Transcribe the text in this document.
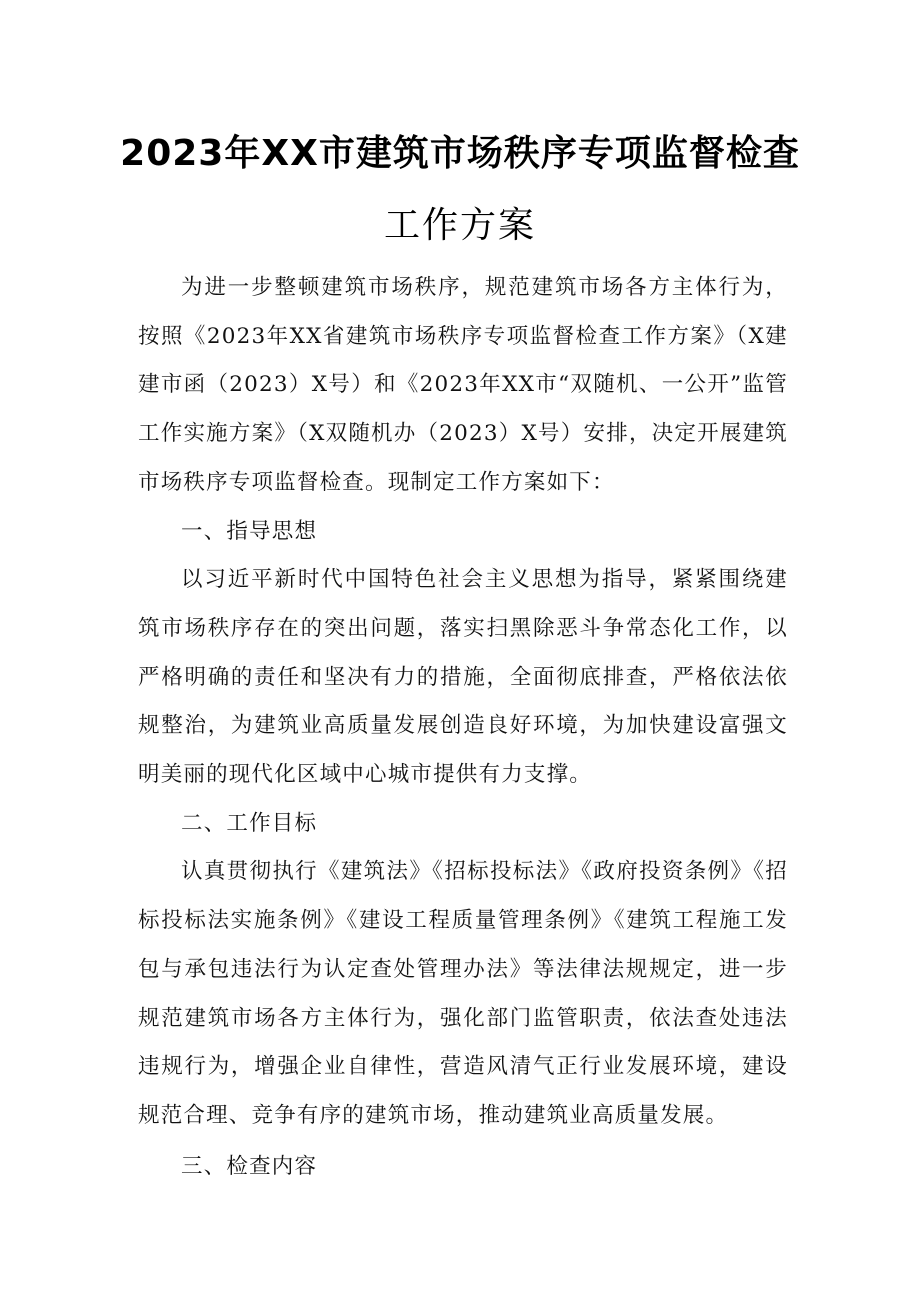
2023年XX市建筑市场秩序专项监督检查
工作方案

为进一步整顿建筑市场秩序，规范建筑市场各方主体行为，按照《2023年XX省建筑市场秩序专项监督检查工作方案》（X建建市函（2023）X号）和《2023年XX市“双随机、一公开”监管工作实施方案》（X双随机办（2023）X号）安排，决定开展建筑市场秩序专项监督检查。现制定工作方案如下：

一、指导思想

以习近平新时代中国特色社会主义思想为指导，紧紧围绕建筑市场秩序存在的突出问题，落实扫黑除恶斗争常态化工作，以严格明确的责任和坚决有力的措施，全面彻底排查，严格依法依规整治，为建筑业高质量发展创造良好环境，为加快建设富强文明美丽的现代化区域中心城市提供有力支撑。

二、工作目标

认真贯彻执行《建筑法》《招标投标法》《政府投资条例》《招标投标法实施条例》《建设工程质量管理条例》《建筑工程施工发包与承包违法行为认定查处管理办法》等法律法规规定，进一步规范建筑市场各方主体行为，强化部门监管职责，依法查处违法违规行为，增强企业自律性，营造风清气正行业发展环境，建设规范合理、竞争有序的建筑市场，推动建筑业高质量发展。

三、检查内容
